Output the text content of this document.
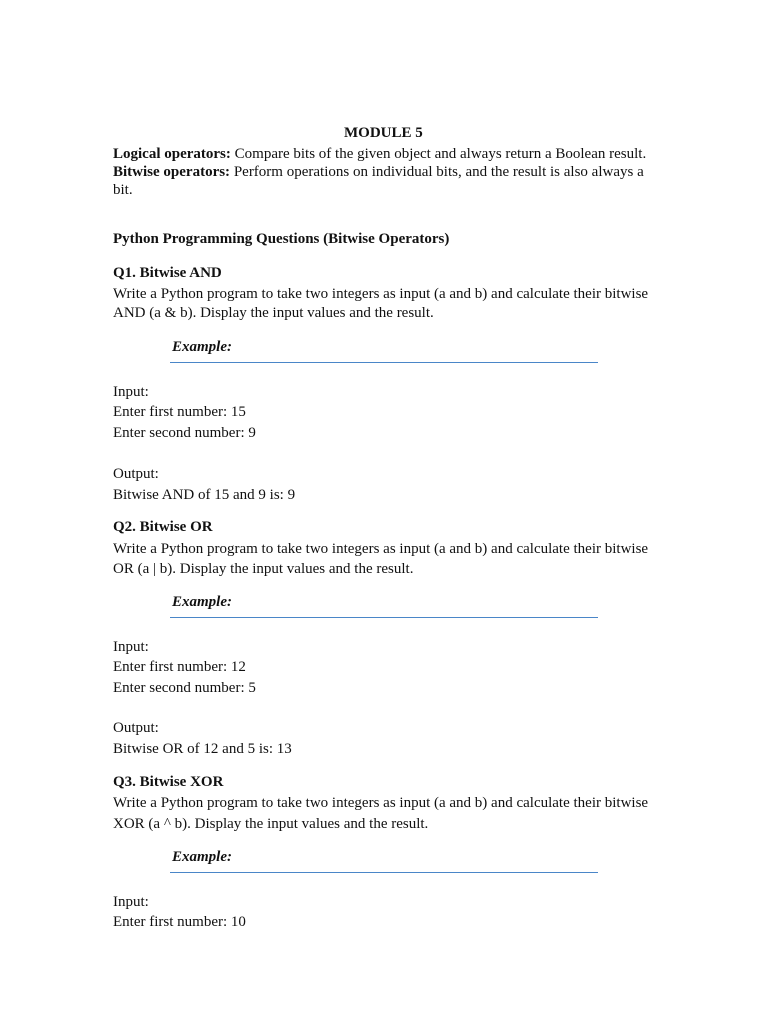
MODULE 5
Logical operators: Compare bits of the given object and always return a Boolean result.
Bitwise operators: Perform operations on individual bits, and the result is also always a
bit.
Python Programming Questions (Bitwise Operators)
Q1. Bitwise AND
Write a Python program to take two integers as input (a and b) and calculate their bitwise
AND (a & b). Display the input values and the result.
Example:
Input:
Enter first number: 15
Enter second number: 9
Output:
Bitwise AND of 15 and 9 is: 9
Q2. Bitwise OR
Write a Python program to take two integers as input (a and b) and calculate their bitwise
OR (a | b). Display the input values and the result.
Example:
Input:
Enter first number: 12
Enter second number: 5
Output:
Bitwise OR of 12 and 5 is: 13
Q3. Bitwise XOR
Write a Python program to take two integers as input (a and b) and calculate their bitwise
XOR (a ^ b). Display the input values and the result.
Example:
Input:
Enter first number: 10
